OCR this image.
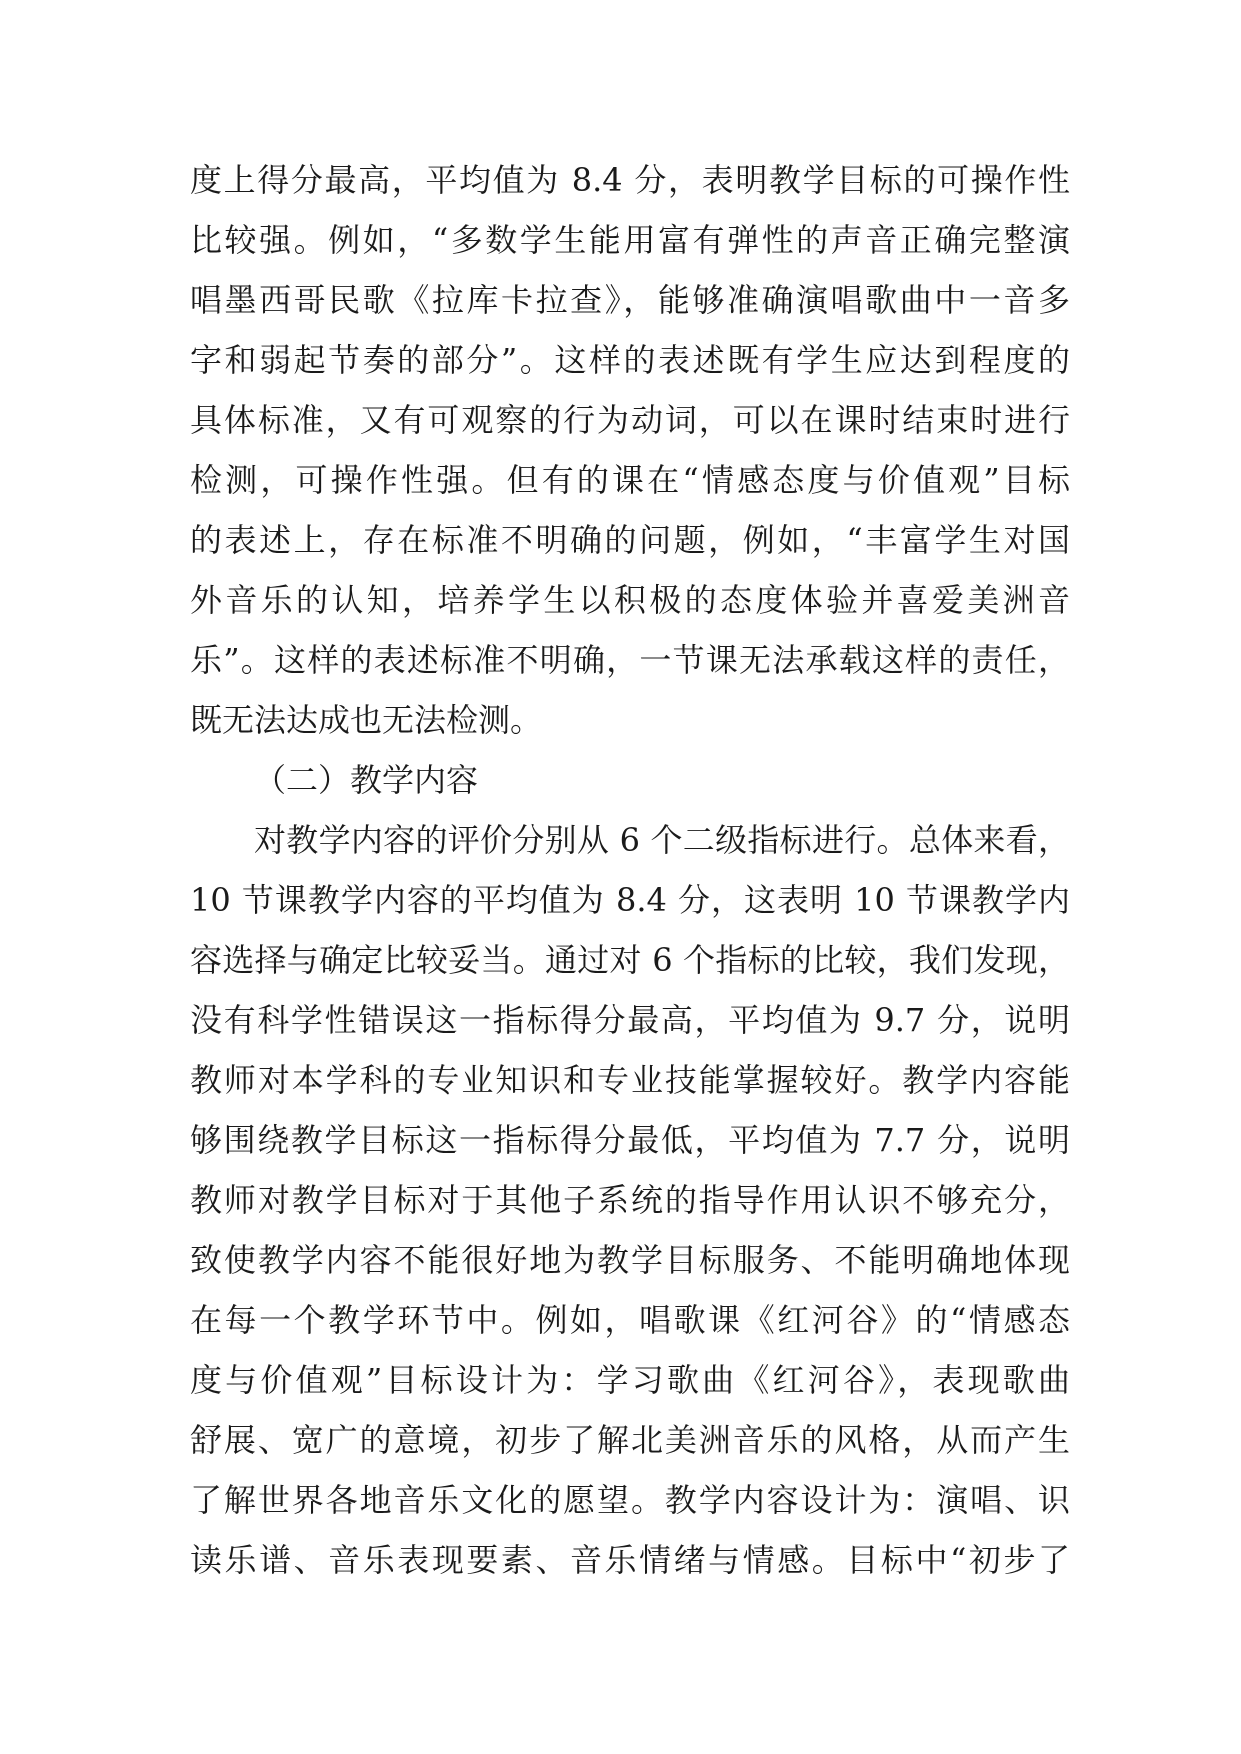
度上得分最高，平均值为 8.4 分，表明教学目标的可操作性
比较强。例如，“多数学生能用富有弹性的声音正确完整演
唱墨西哥民歌《拉库卡拉查》，能够准确演唱歌曲中一音多
字和弱起节奏的部分”。这样的表述既有学生应达到程度的
具体标准，又有可观察的行为动词，可以在课时结束时进行
检测，可操作性强。但有的课在“情感态度与价值观”目标
的表述上，存在标准不明确的问题，例如，“丰富学生对国
外音乐的认知，培养学生以积极的态度体验并喜爱美洲音
乐”。这样的表述标准不明确，一节课无法承载这样的责任，
既无法达成也无法检测。
（二）教学内容
对教学内容的评价分别从 6 个二级指标进行。总体来看，
10 节课教学内容的平均值为 8.4 分，这表明 10 节课教学内
容选择与确定比较妥当。通过对 6 个指标的比较，我们发现，
没有科学性错误这一指标得分最高，平均值为 9.7 分，说明
教师对本学科的专业知识和专业技能掌握较好。教学内容能
够围绕教学目标这一指标得分最低，平均值为 7.7 分，说明
教师对教学目标对于其他子系统的指导作用认识不够充分，
致使教学内容不能很好地为教学目标服务、不能明确地体现
在每一个教学环节中。例如，唱歌课《红河谷》的“情感态
度与价值观”目标设计为：学习歌曲《红河谷》，表现歌曲
舒展、宽广的意境，初步了解北美洲音乐的风格，从而产生
了解世界各地音乐文化的愿望。教学内容设计为：演唱、识
读乐谱、音乐表现要素、音乐情绪与情感。目标中“初步了
